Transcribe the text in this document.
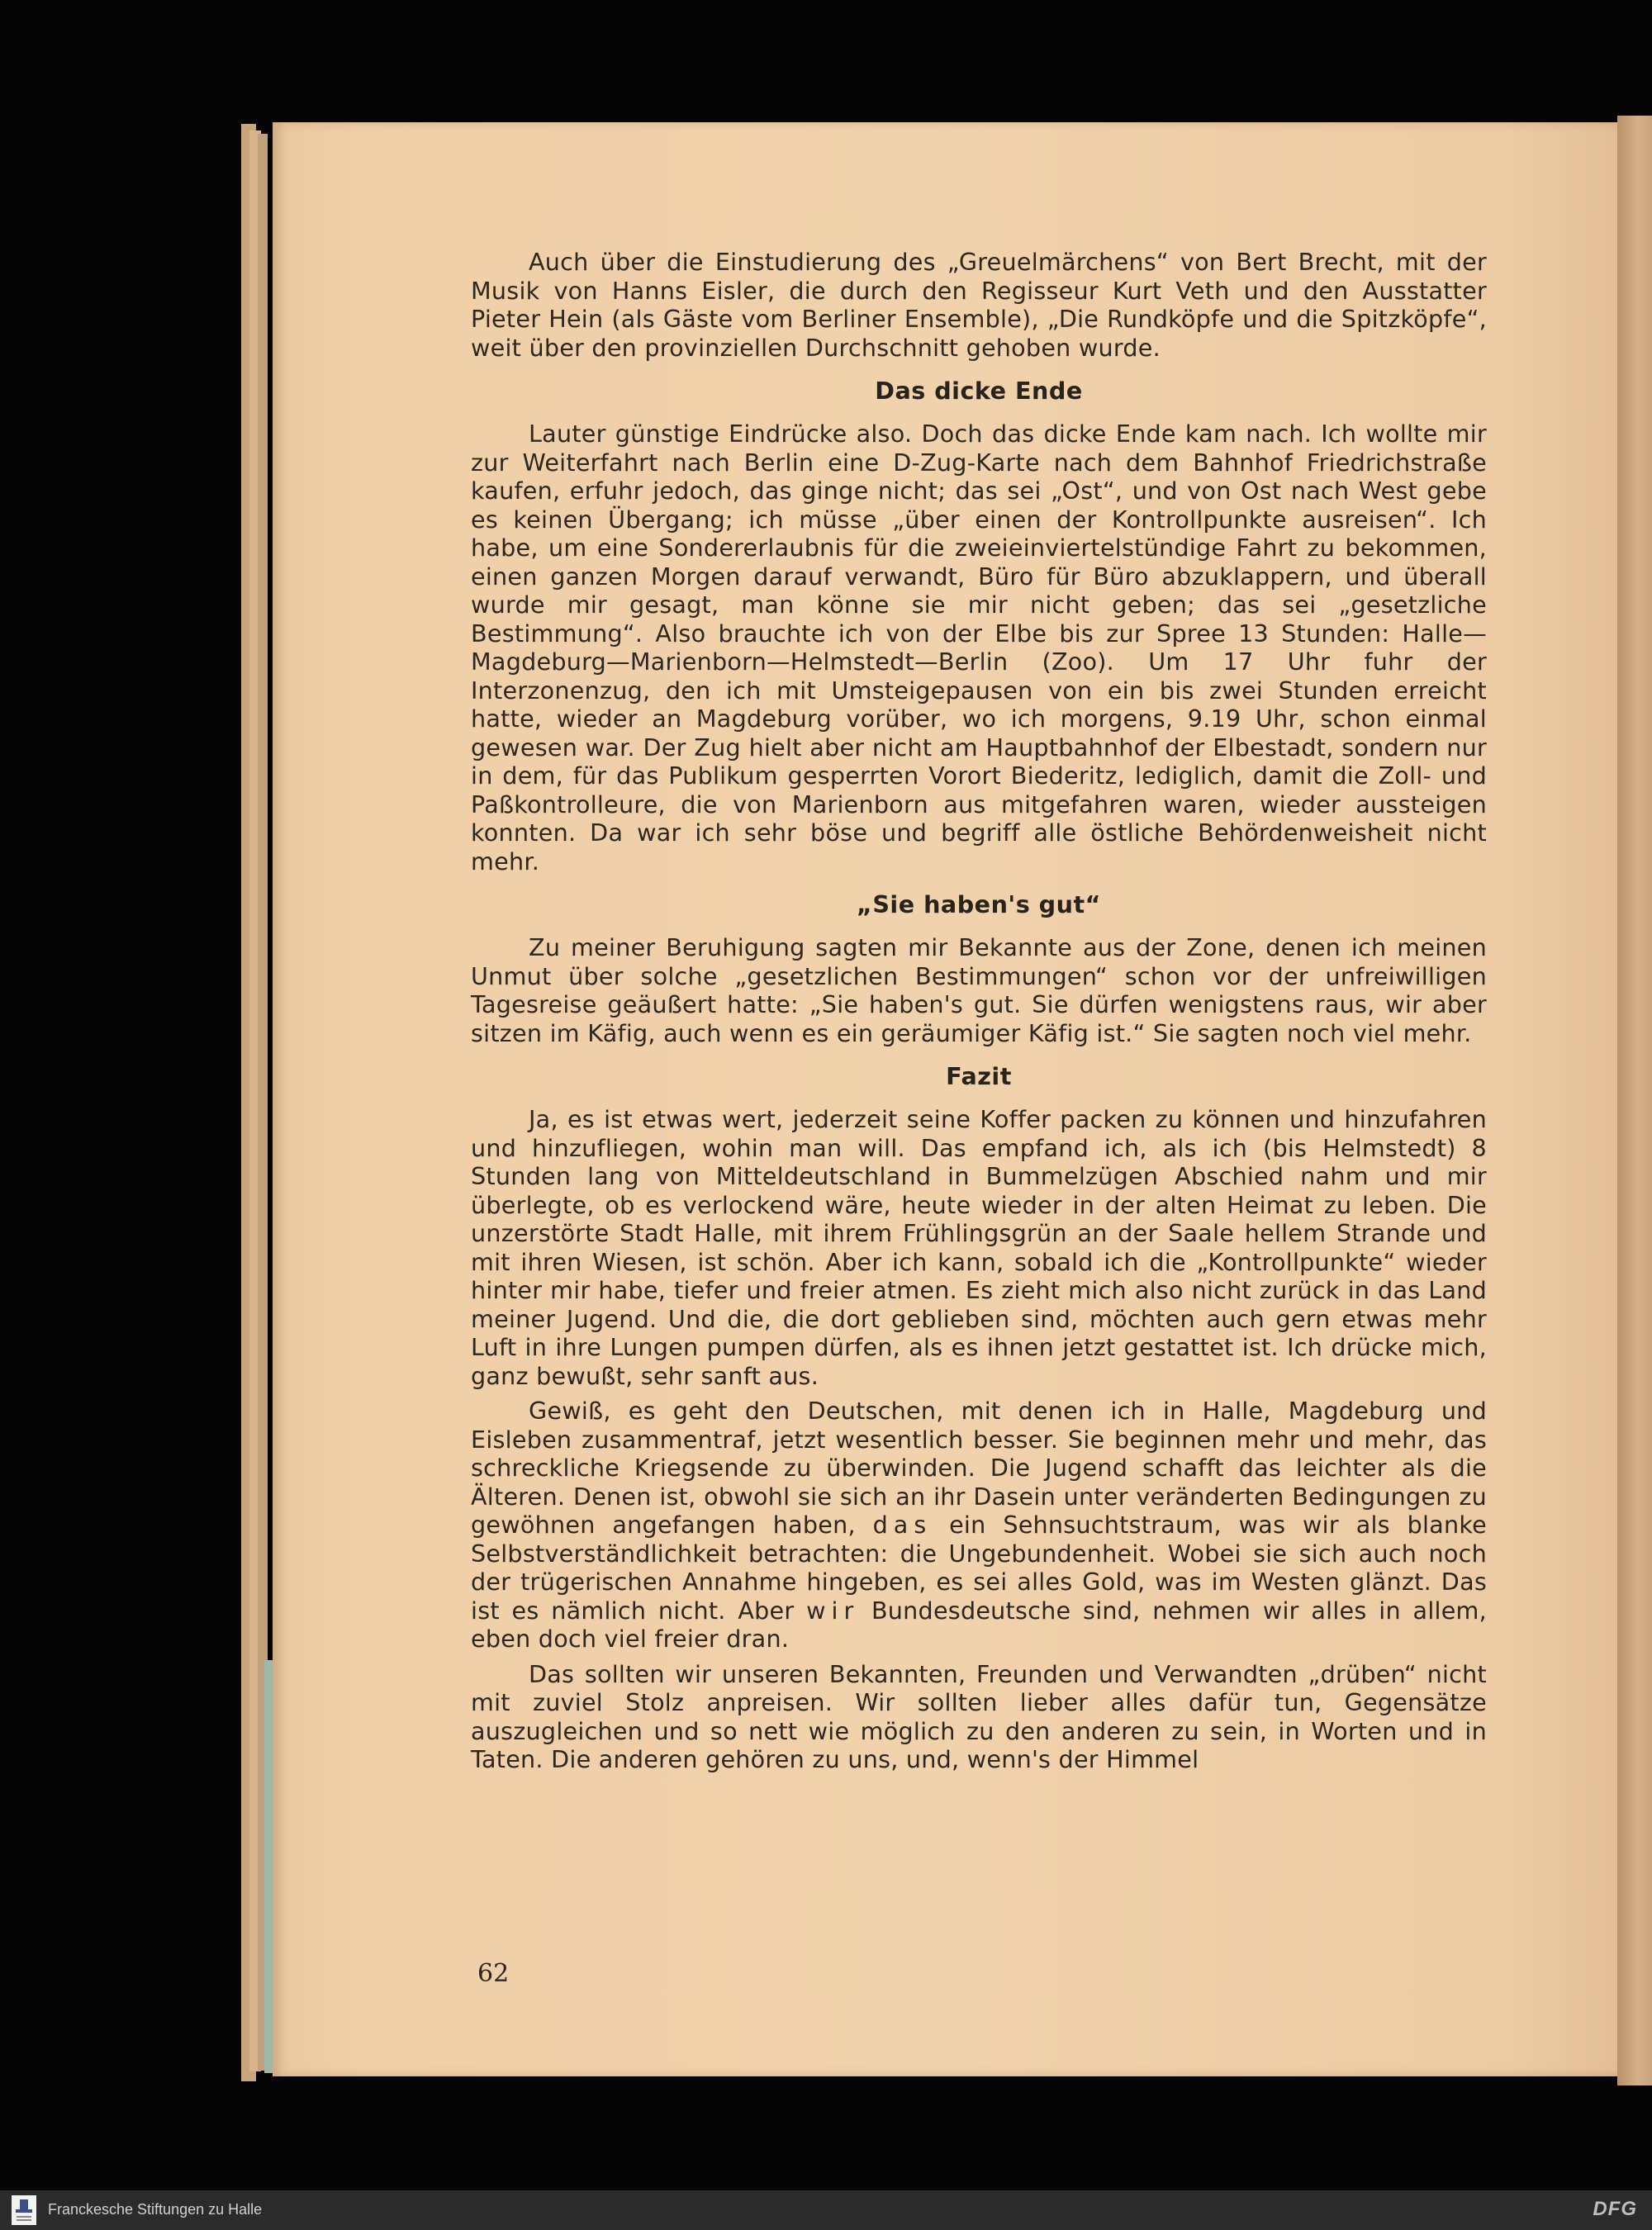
Auch über die Einstudierung des „Greuelmärchens“ von Bert Brecht, mit der Musik von Hanns Eisler, die durch den Regisseur Kurt Veth und den Ausstatter Pieter Hein (als Gäste vom Berliner Ensemble), „Die Rundköpfe und die Spitzköpfe“, weit über den provinziellen Durchschnitt gehoben wurde.

Das dicke Ende

Lauter günstige Eindrücke also. Doch das dicke Ende kam nach. Ich wollte mir zur Weiterfahrt nach Berlin eine D-Zug-Karte nach dem Bahnhof Friedrichstraße kaufen, erfuhr jedoch, das ginge nicht; das sei „Ost“, und von Ost nach West gebe es keinen Übergang; ich müsse „über einen der Kontrollpunkte ausreisen“. Ich habe, um eine Sondererlaubnis für die zweieinviertelstündige Fahrt zu bekommen, einen ganzen Morgen darauf verwandt, Büro für Büro abzuklappern, und überall wurde mir gesagt, man könne sie mir nicht geben; das sei „gesetzliche Bestimmung“. Also brauchte ich von der Elbe bis zur Spree 13 Stunden: Halle—Magdeburg—Marienborn—Helmstedt—Berlin (Zoo). Um 17 Uhr fuhr der Interzonenzug, den ich mit Umsteigepausen von ein bis zwei Stunden erreicht hatte, wieder an Magdeburg vorüber, wo ich morgens, 9.19 Uhr, schon einmal gewesen war. Der Zug hielt aber nicht am Hauptbahnhof der Elbestadt, sondern nur in dem, für das Publikum gesperrten Vorort Biederitz, lediglich, damit die Zoll- und Paßkontrolleure, die von Marienborn aus mitgefahren waren, wieder aussteigen konnten. Da war ich sehr böse und begriff alle östliche Behördenweisheit nicht mehr.

„Sie haben's gut“

Zu meiner Beruhigung sagten mir Bekannte aus der Zone, denen ich meinen Unmut über solche „gesetzlichen Bestimmungen“ schon vor der unfreiwilligen Tagesreise geäußert hatte: „Sie haben's gut. Sie dürfen wenigstens raus, wir aber sitzen im Käfig, auch wenn es ein geräumiger Käfig ist.“ Sie sagten noch viel mehr.

Fazit

Ja, es ist etwas wert, jederzeit seine Koffer packen zu können und hinzufahren und hinzufliegen, wohin man will. Das empfand ich, als ich (bis Helmstedt) 8 Stunden lang von Mitteldeutschland in Bummelzügen Abschied nahm und mir überlegte, ob es verlockend wäre, heute wieder in der alten Heimat zu leben. Die unzerstörte Stadt Halle, mit ihrem Frühlingsgrün an der Saale hellem Strande und mit ihren Wiesen, ist schön. Aber ich kann, sobald ich die „Kontrollpunkte“ wieder hinter mir habe, tiefer und freier atmen. Es zieht mich also nicht zurück in das Land meiner Jugend. Und die, die dort geblieben sind, möchten auch gern etwas mehr Luft in ihre Lungen pumpen dürfen, als es ihnen jetzt gestattet ist. Ich drücke mich, ganz bewußt, sehr sanft aus.

Gewiß, es geht den Deutschen, mit denen ich in Halle, Magdeburg und Eisleben zusammentraf, jetzt wesentlich besser. Sie beginnen mehr und mehr, das schreckliche Kriegsende zu überwinden. Die Jugend schafft das leichter als die Älteren. Denen ist, obwohl sie sich an ihr Dasein unter veränderten Bedingungen zu gewöhnen angefangen haben, das ein Sehnsuchtstraum, was wir als blanke Selbstverständlichkeit betrachten: die Ungebundenheit. Wobei sie sich auch noch der trügerischen Annahme hingeben, es sei alles Gold, was im Westen glänzt. Das ist es nämlich nicht. Aber wir Bundesdeutsche sind, nehmen wir alles in allem, eben doch viel freier dran.

Das sollten wir unseren Bekannten, Freunden und Verwandten „drüben“ nicht mit zuviel Stolz anpreisen. Wir sollten lieber alles dafür tun, Gegensätze auszugleichen und so nett wie möglich zu den anderen zu sein, in Worten und in Taten. Die anderen gehören zu uns, und, wenn's der Himmel

62
Franckesche Stiftungen zu Halle	DFG
